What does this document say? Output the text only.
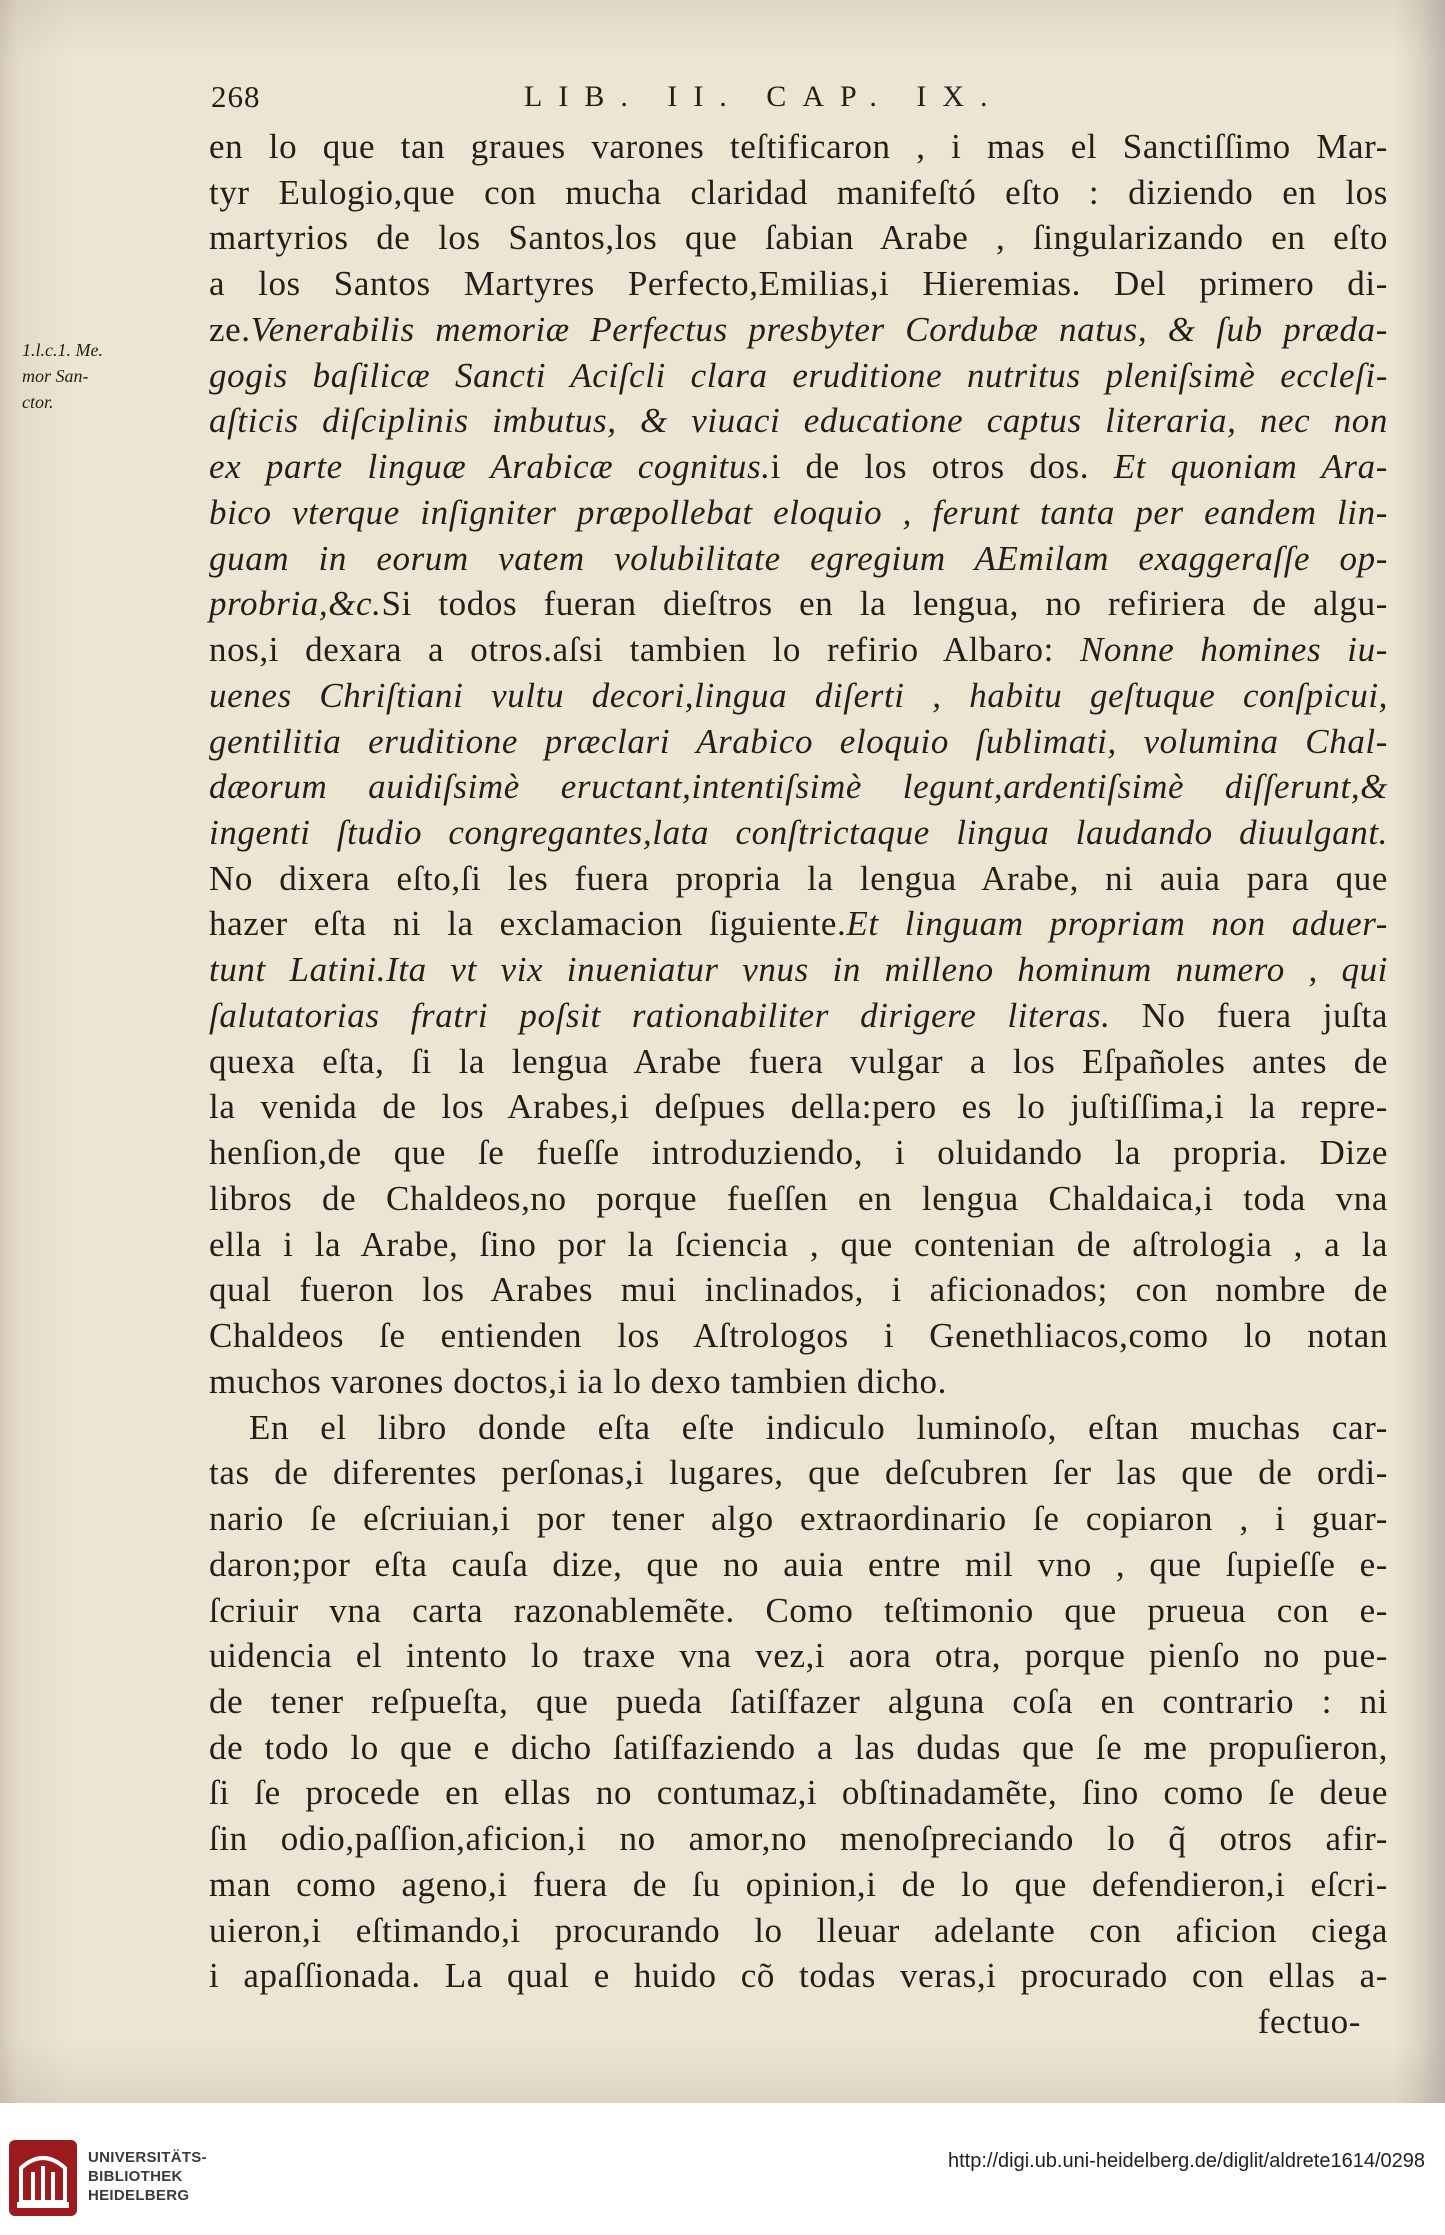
268	LIB. II. CAP. IX.
1.l.c.1. Me.
mor San-
ctor.
en lo que tan graues varones teſtificaron , i mas el Sanctiſſimo Mar-
tyr Eulogio,que con mucha claridad manifeſtó eſto : diziendo en los
martyrios de los Santos,los que ſabian Arabe , ſingularizando en eſto
a los Santos Martyres Perfecto,Emilias,i Hieremias. Del primero di-
ze.Venerabilis memoriæ Perfectus presbyter Cordubæ natus, & ſub præda-
gogis baſilicæ Sancti Aciſcli clara eruditione nutritus pleniſsimè eccleſi-
aſticis diſciplinis imbutus, & viuaci educatione captus literaria, nec non
ex parte linguæ Arabicæ cognitus.i de los otros dos. Et quoniam Ara-
bico vterque inſigniter præpollebat eloquio , ferunt tanta per eandem lin-
guam in eorum vatem volubilitate egregium AEmilam exaggeraſſe op-
probria,&c.Si todos fueran dieſtros en la lengua, no refiriera de algu-
nos,i dexara a otros.aſsi tambien lo refirio Albaro: Nonne homines iu-
uenes Chriſtiani vultu decori,lingua diſerti , habitu geſtuque conſpicui,
gentilitia eruditione præclari Arabico eloquio ſublimati, volumina Chal-
dæorum auidiſsimè eructant,intentiſsimè legunt,ardentiſsimè diſſerunt,&
ingenti ſtudio congregantes,lata conſtrictaque lingua laudando diuulgant.
No dixera eſto,ſi les fuera propria la lengua Arabe, ni auia para que
hazer eſta ni la exclamacion ſiguiente.Et linguam propriam non aduer-
tunt Latini.Ita vt vix inueniatur vnus in milleno hominum numero , qui
ſalutatorias fratri poſsit rationabiliter dirigere literas. No fuera juſta
quexa eſta, ſi la lengua Arabe fuera vulgar a los Eſpañoles antes de
la venida de los Arabes,i deſpues della:pero es lo juſtiſſima,i la repre-
henſion,de que ſe fueſſe introduziendo, i oluidando la propria. Dize
libros de Chaldeos,no porque fueſſen en lengua Chaldaica,i toda vna
ella i la Arabe, ſino por la ſciencia , que contenian de aſtrologia , a la
qual fueron los Arabes mui inclinados, i aficionados; con nombre de
Chaldeos ſe entienden los Aſtrologos i Genethliacos,como lo notan
muchos varones doctos,i ia lo dexo tambien dicho.
En el libro donde eſta eſte indiculo luminoſo, eſtan muchas car-
tas de diferentes perſonas,i lugares, que deſcubren ſer las que de ordi-
nario ſe eſcriuian,i por tener algo extraordinario ſe copiaron , i guar-
daron;por eſta cauſa dize, que no auia entre mil vno , que ſupieſſe e-
ſcriuir vna carta razonablemẽte. Como teſtimonio que prueua con e-
uidencia el intento lo traxe vna vez,i aora otra, porque pienſo no pue-
de tener reſpueſta, que pueda ſatiſfazer alguna coſa en contrario : ni
de todo lo que e dicho ſatiſfaziendo a las dudas que ſe me propuſieron,
ſi ſe procede en ellas no contumaz,i obſtinadamẽte, ſino como ſe deue
ſin odio,paſſion,aficion,i no amor,no menoſpreciando lo q̃ otros afir-
man como ageno,i fuera de ſu opinion,i de lo que defendieron,i eſcri-
uieron,i eſtimando,i procurando lo lleuar adelante con aficion ciega
i apaſſionada. La qual e huido cõ todas veras,i procurado con ellas a-
fectuo-
UNIVERSITÄTS-
BIBLIOTHEK
HEIDELBERG
http://digi.ub.uni-heidelberg.de/diglit/aldrete1614/0298
